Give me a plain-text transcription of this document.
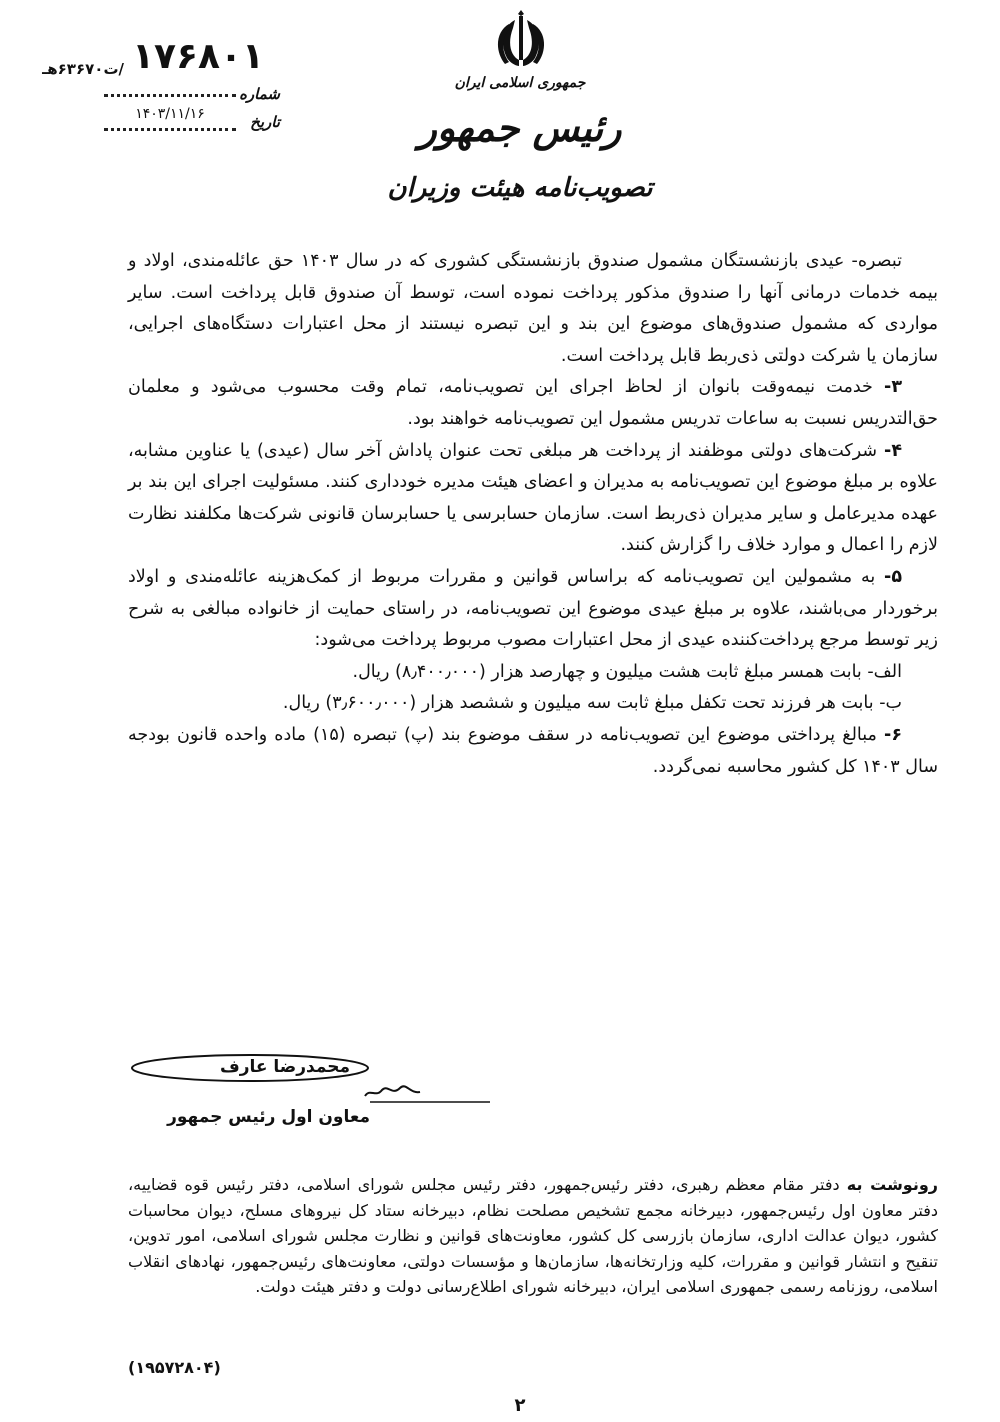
/ت۶۳۶۷۰هـ ۱۷۶۸۰۱
شماره
۱۴۰۳/۱۱/۱۶	تاریخ
جمهوری اسلامی ایران
رئیس جمهور
تصویب‌نامه هیئت وزیران

تبصره- عیدی بازنشستگان مشمول صندوق بازنشستگی کشوری که در سال ۱۴۰۳ حق عائله‌مندی، اولاد و بیمه خدمات درمانی آنها را صندوق مذکور پرداخت نموده است، توسط آن صندوق قابل پرداخت است. سایر مواردی که مشمول صندوق‌های موضوع این بند و این تبصره نیستند از محل اعتبارات دستگاه‌های اجرایی، سازمان یا شرکت دولتی ذی‌ربط قابل پرداخت است.

۳- خدمت نیمه‌وقت بانوان از لحاظ اجرای این تصویب‌نامه، تمام وقت محسوب می‌شود و معلمان حق‌التدریس نسبت به ساعات تدریس مشمول این تصویب‌نامه خواهند بود.

۴- شرکت‌های دولتی موظفند از پرداخت هر مبلغی تحت عنوان پاداش آخر سال (عیدی) یا عناوین مشابه، علاوه بر مبلغ موضوع این تصویب‌نامه به مدیران و اعضای هیئت مدیره خودداری کنند. مسئولیت اجرای این بند بر عهده مدیرعامل و سایر مدیران ذی‌ربط است. سازمان حسابرسی یا حسابرسان قانونی شرکت‌ها مکلفند نظارت لازم را اعمال و موارد خلاف را گزارش کنند.

۵- به مشمولین این تصویب‌نامه که براساس قوانین و مقررات مربوط از کمک‌هزینه عائله‌مندی و اولاد برخوردار می‌باشند، علاوه بر مبلغ عیدی موضوع این تصویب‌نامه، در راستای حمایت از خانواده مبالغی به شرح زیر توسط مرجع پرداخت‌کننده عیدی از محل اعتبارات مصوب مربوط پرداخت می‌شود:

الف- بابت همسر مبلغ ثابت هشت میلیون و چهارصد هزار (۸٫۴۰۰٫۰۰۰) ریال.

ب- بابت هر فرزند تحت تکفل مبلغ ثابت سه میلیون و ششصد هزار (۳٫۶۰۰٫۰۰۰) ریال.

۶- مبالغ پرداختی موضوع این تصویب‌نامه در سقف موضوع بند (پ) تبصره (۱۵) ماده واحده قانون بودجه سال ۱۴۰۳ کل کشور محاسبه نمی‌گردد.

محمدرضا عارف
معاون اول رئیس جمهور
رونوشت به دفتر مقام معظم رهبری، دفتر رئیس‌جمهور، دفتر رئیس مجلس شورای اسلامی، دفتر رئیس قوه قضاییه، دفتر معاون اول رئیس‌جمهور، دبیرخانه مجمع تشخیص مصلحت نظام، دبیرخانه ستاد کل نیروهای مسلح، دیوان محاسبات کشور، دیوان عدالت اداری، سازمان بازرسی کل کشور، معاونت‌های قوانین و نظارت مجلس شورای اسلامی، امور تدوین، تنقیح و انتشار قوانین و مقررات، کلیه وزارتخانه‌ها، سازمان‌ها و مؤسسات دولتی، معاونت‌های رئیس‌جمهور، نهادهای انقلاب اسلامی، روزنامه رسمی جمهوری اسلامی ایران، دبیرخانه شورای اطلاع‌رسانی دولت و دفتر هیئت دولت.
(۱۹۵۷۲۸۰۴)
۲
